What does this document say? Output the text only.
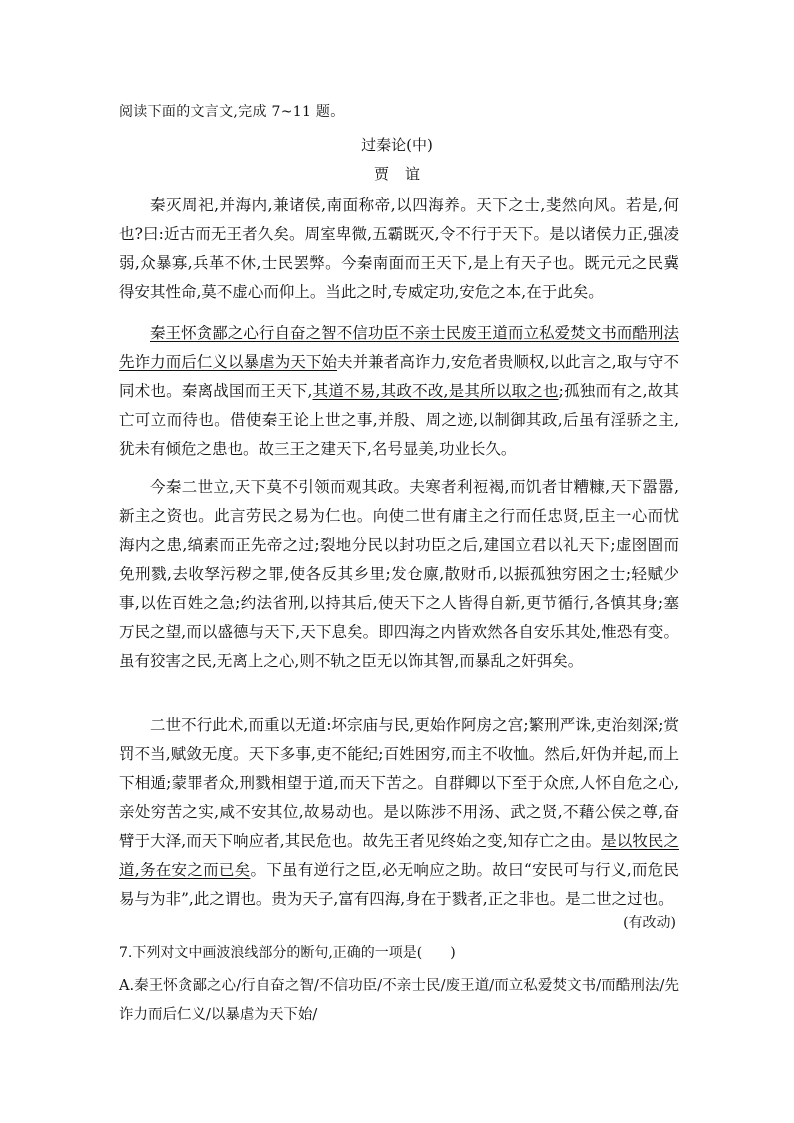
阅读下面的文言文,完成 7~11 题。
过秦论(中)
贾谊

秦灭周祀,并海内,兼诸侯,南面称帝,以四海养。天下之士,斐然向风。若是,何也?曰:近古而无王者久矣。周室卑微,五霸既灭,令不行于天下。是以诸侯力正,强凌弱,众暴寡,兵革不休,士民罢弊。今秦南面而王天下,是上有天子也。既元元之民冀得安其性命,莫不虚心而仰上。当此之时,专威定功,安危之本,在于此矣。

秦王怀贪鄙之心行自奋之智不信功臣不亲士民废王道而立私爱焚文书而酷刑法先诈力而后仁义以暴虐为天下始夫并兼者高诈力,安危者贵顺权,以此言之,取与守不同术也。秦离战国而王天下,其道不易,其政不改,是其所以取之也;孤独而有之,故其亡可立而待也。借使秦王论上世之事,并殷、周之迹,以制御其政,后虽有淫骄之主,犹未有倾危之患也。故三王之建天下,名号显美,功业长久。

今秦二世立,天下莫不引领而观其政。夫寒者利裋褐,而饥者甘糟糠,天下嚣嚣,新主之资也。此言劳民之易为仁也。向使二世有庸主之行而任忠贤,臣主一心而忧海内之患,缟素而正先帝之过;裂地分民以封功臣之后,建国立君以礼天下;虚囹圄而免刑戮,去收孥污秽之罪,使各反其乡里;发仓廪,散财币,以振孤独穷困之士;轻赋少事,以佐百姓之急;约法省刑,以持其后,使天下之人皆得自新,更节循行,各慎其身;塞万民之望,而以盛德与天下,天下息矣。即四海之内皆欢然各自安乐其处,惟恐有变。虽有狡害之民,无离上之心,则不轨之臣无以饰其智,而暴乱之奸弭矣。

二世不行此术,而重以无道:坏宗庙与民,更始作阿房之宫;繁刑严诛,吏治刻深;赏罚不当,赋敛无度。天下多事,吏不能纪;百姓困穷,而主不收恤。然后,奸伪并起,而上下相遁;蒙罪者众,刑戮相望于道,而天下苦之。自群卿以下至于众庶,人怀自危之心,亲处穷苦之实,咸不安其位,故易动也。是以陈涉不用汤、武之贤,不藉公侯之尊,奋臂于大泽,而天下响应者,其民危也。故先王者见终始之变,知存亡之由。是以牧民之道,务在安之而已矣。下虽有逆行之臣,必无响应之助。故曰“安民可与行义,而危民易与为非”,此之谓也。贵为天子,富有四海,身在于戮者,正之非也。是二世之过也。

(有改动)
7.下列对文中画波浪线部分的断句,正确的一项是(　　)

A.秦王怀贪鄙之心/行自奋之智/不信功臣/不亲士民/废王道/而立私爱焚文书/而酷刑法/先诈力而后仁义/以暴虐为天下始/
